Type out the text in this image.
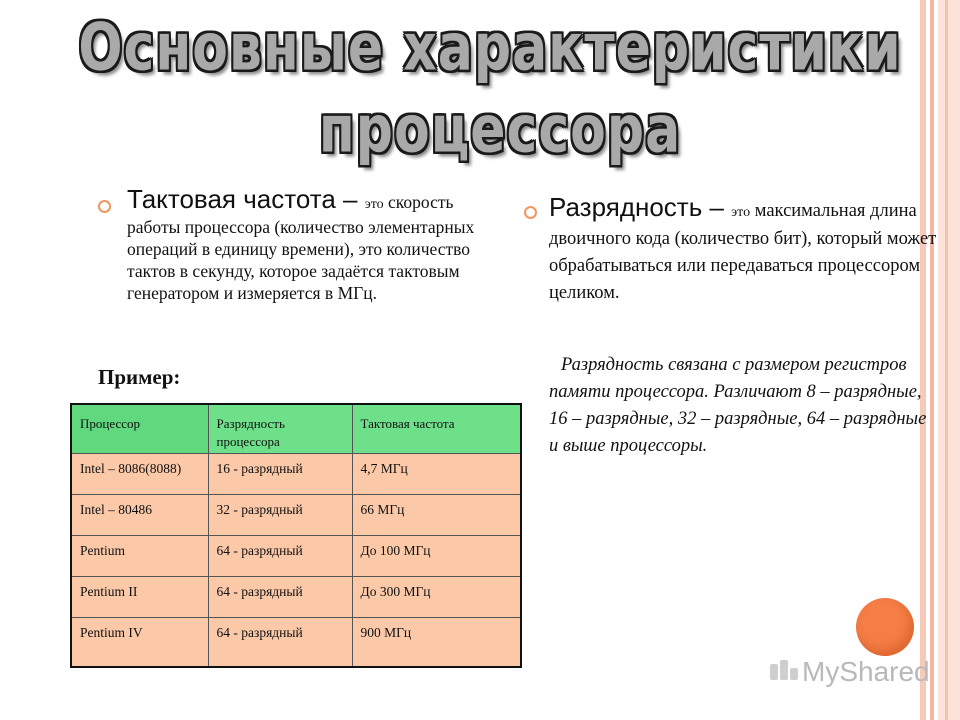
Основные характеристики
процессора
Тактовая частота – это скорость работы процессора (количество элементарных операций в единицу времени), это количество тактов в секунду, которое задаётся тактовым генератором и измеряется в МГц.
Пример:
Процессор	Разрядность процессора	Тактовая частота
Intel – 8086(8088)	16 - разрядный	4,7 МГц
Intel – 80486	32 - разрядный	66 МГц
Pentium	64 - разрядный	До 100 МГц
Pentium II	64 - разрядный	До 300 МГц
Pentium IV	64 - разрядный	900 МГц
Разрядность – это максимальная длина двоичного кода (количество бит), который может обрабатываться или передаваться процессором целиком.
Разрядность связана с размером регистров памяти процессора. Различают 8 – разрядные, 16 – разрядные, 32 – разрядные, 64 – разрядные и выше процессоры.
MyShared
